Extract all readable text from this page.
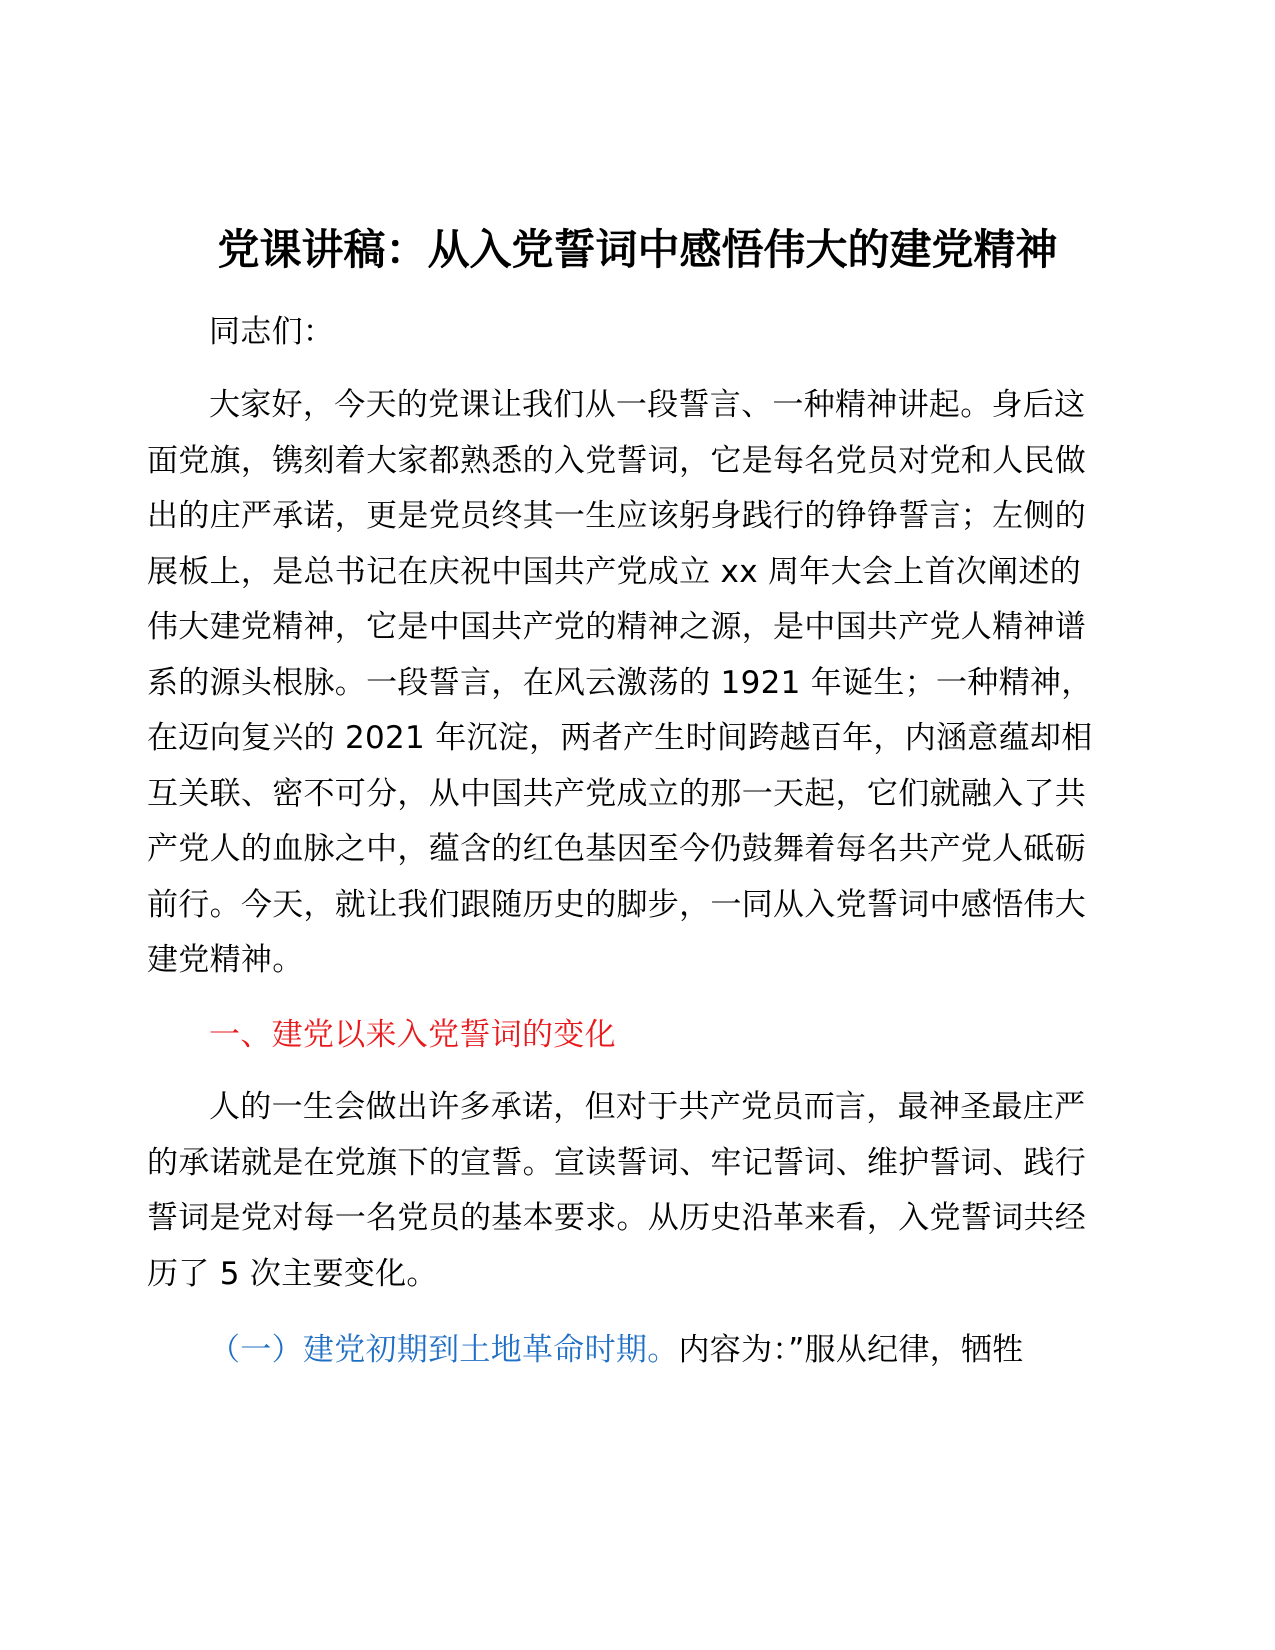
党课讲稿：从入党誓词中感悟伟大的建党精神

同志们：

大家好，今天的党课让我们从一段誓言、一种精神讲起。身后这面党旗，镌刻着大家都熟悉的入党誓词，它是每名党员对党和人民做出的庄严承诺，更是党员终其一生应该躬身践行的铮铮誓言；左侧的展板上，是总书记在庆祝中国共产党成立 xx 周年大会上首次阐述的伟大建党精神，它是中国共产党的精神之源，是中国共产党人精神谱系的源头根脉。一段誓言，在风云激荡的 1921 年诞生；一种精神，在迈向复兴的 2021 年沉淀，两者产生时间跨越百年，内涵意蕴却相互关联、密不可分，从中国共产党成立的那一天起，它们就融入了共产党人的血脉之中，蕴含的红色基因至今仍鼓舞着每名共产党人砥砺前行。今天，就让我们跟随历史的脚步，一同从入党誓词中感悟伟大建党精神。

一、建党以来入党誓词的变化

人的一生会做出许多承诺，但对于共产党员而言，最神圣最庄严的承诺就是在党旗下的宣誓。宣读誓词、牢记誓词、维护誓词、践行誓词是党对每一名党员的基本要求。从历史沿革来看，入党誓词共经历了 5 次主要变化。

（一）建党初期到土地革命时期。内容为：”服从纪律，牺牲
